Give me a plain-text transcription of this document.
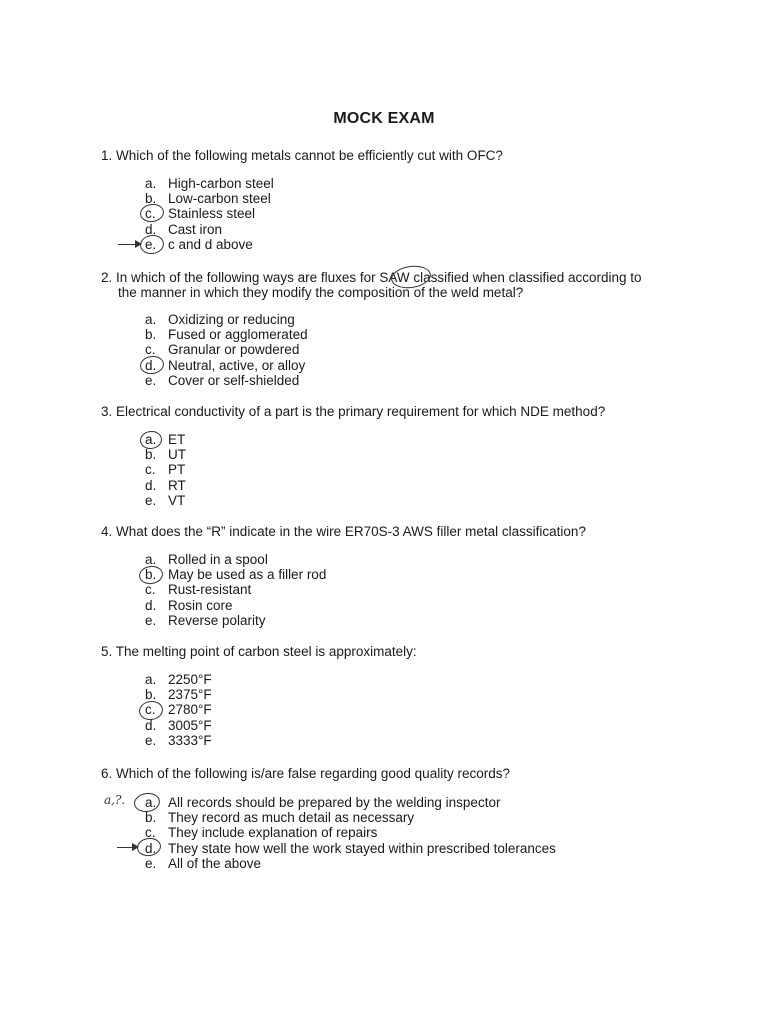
MOCK EXAM
1. Which of the following metals cannot be efficiently cut with OFC?
a. High-carbon steel
b. Low-carbon steel
c. Stainless steel
d. Cast iron
e. c and d above
2. In which of the following ways are fluxes for SAW classified when classified according to
the manner in which they modify the composition of the weld metal?
a. Oxidizing or reducing
b. Fused or agglomerated
c. Granular or powdered
d. Neutral, active, or alloy
e. Cover or self-shielded
3. Electrical conductivity of a part is the primary requirement for which NDE method?
a. ET
b. UT
c. PT
d. RT
e. VT
4. What does the “R” indicate in the wire ER70S-3 AWS filler metal classification?
a. Rolled in a spool
b. May be used as a filler rod
c. Rust-resistant
d. Rosin core
e. Reverse polarity
5. The melting point of carbon steel is approximately:
a. 2250°F
b. 2375°F
c. 2780°F
d. 3005°F
e. 3333°F
6. Which of the following is/are false regarding good quality records?
a. All records should be prepared by the welding inspector
b. They record as much detail as necessary
c. They include explanation of repairs
d. They state how well the work stayed within prescribed tolerances
e. All of the above
a,?.
